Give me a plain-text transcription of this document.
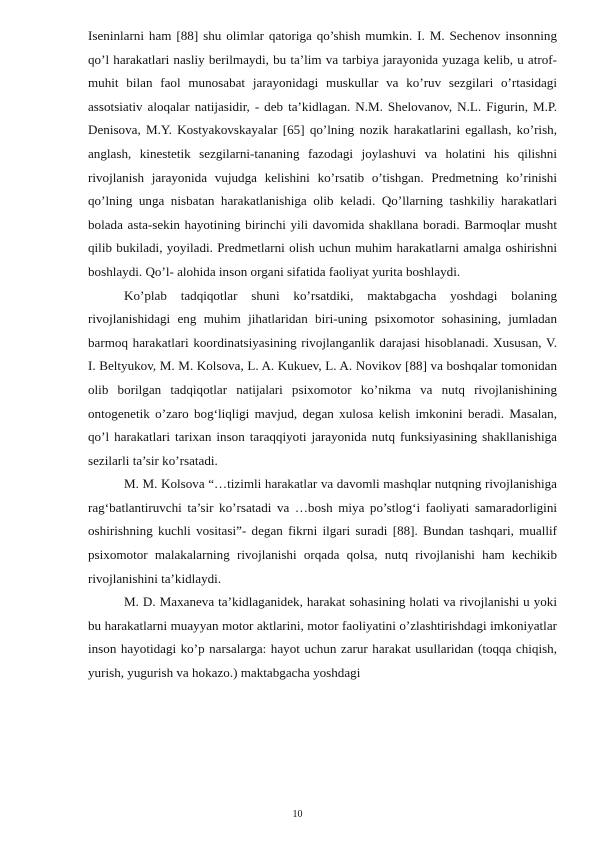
Iseninlarni ham [88] shu olimlar qatoriga qo’shish mumkin. I. M. Sechenov insonning qo’l harakatlari nasliy berilmaydi, bu ta’lim va tarbiya jarayonida yuzaga kelib, u atrof-muhit bilan faol munosabat jarayonidagi muskullar va ko’ruv sezgilari o’rtasidagi assotsiativ aloqalar natijasidir, - deb ta’kidlagan. N.M. Shelovanov, N.L. Figurin, M.P. Denisova, M.Y. Kostyakovskayalar [65] qo’lning nozik harakatlarini egallash, ko’rish, anglash, kinestetik sezgilarni-tananing fazodagi joylashuvi va holatini his qilishni rivojlanish jarayonida vujudga kelishini ko’rsatib o’tishgan. Predmetning ko’rinishi qo’lning unga nisbatan harakatlanishiga olib keladi. Qo’llarning tashkiliy harakatlari bolada asta-sekin hayotining birinchi yili davomida shakllana boradi. Barmoqlar musht qilib bukiladi, yoyiladi. Predmetlarni olish uchun muhim harakatlarni amalga oshirishni boshlaydi. Qo’l- alohida inson organi sifatida faoliyat yurita boshlaydi.

Ko’plab tadqiqotlar shuni ko’rsatdiki, maktabgacha yoshdagi bolaning rivojlanishidagi eng muhim jihatlaridan biri-uning psixomotor sohasining, jumladan barmoq harakatlari koordinatsiyasining rivojlanganlik darajasi hisoblanadi. Xususan, V. I. Beltyukov, M. M. Kolsova, L. A. Kukuev, L. A. Novikov [88] va boshqalar tomonidan olib borilgan tadqiqotlar natijalari psixomotor ko’nikma va nutq rivojlanishining ontogenetik o’zaro bog‘liqligi mavjud, degan xulosa kelish imkonini beradi. Masalan, qo’l harakatlari tarixan inson taraqqiyoti jarayonida nutq funksiyasining shakllanishiga sezilarli ta’sir ko’rsatadi.

M. M. Kolsova “…tizimli harakatlar va davomli mashqlar nutqning rivojlanishiga rag‘batlantiruvchi ta’sir ko’rsatadi va …bosh miya po’stlog‘i faoliyati samaradorligini oshirishning kuchli vositasi”- degan fikrni ilgari suradi [88]. Bundan tashqari, muallif psixomotor malakalarning rivojlanishi orqada qolsa, nutq rivojlanishi ham kechikib rivojlanishini ta’kidlaydi.

M. D. Maxaneva ta’kidlaganidek, harakat sohasining holati va rivojlanishi u yoki bu harakatlarni muayyan motor aktlarini, motor faoliyatini o’zlashtirishdagi imkoniyatlar inson hayotidagi ko’p narsalarga: hayot uchun zarur harakat usullaridan (toqqa chiqish, yurish, yugurish va hokazo.) maktabgacha yoshdagi

10
